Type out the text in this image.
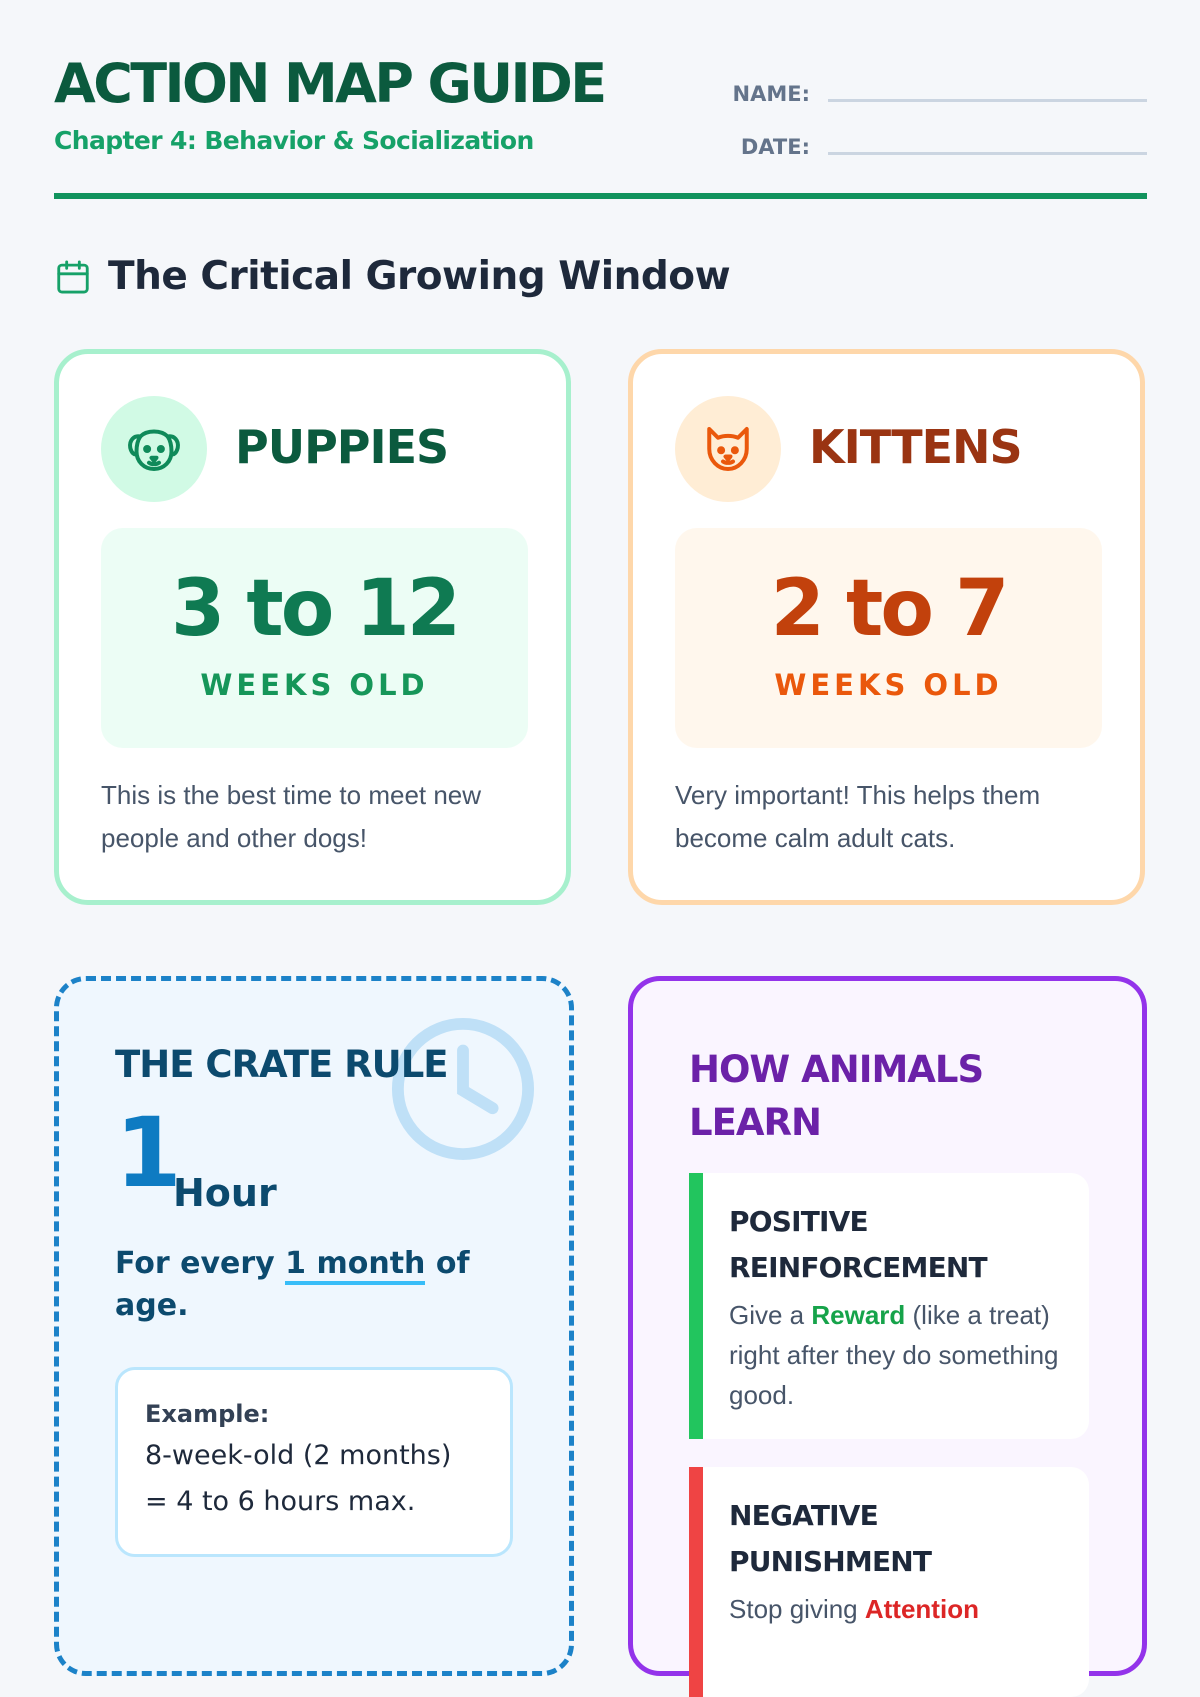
ACTION MAP GUIDE
Chapter 4: Behavior & Socialization
NAME:
DATE:
The Critical Growing Window
PUPPIES
3 to 12
WEEKS OLD
This is the best time to meet new people and other dogs!
KITTENS
2 to 7
WEEKS OLD
Very important! This helps them become calm adult cats.
THE CRATE RULE
1
Hour
For every 1 month of age.
Example:
8-week-old (2 months)
= 4 to 6 hours max.
HOW ANIMALS LEARN
POSITIVE REINFORCEMENT
Give a Reward (like a treat) right after they do something good.
NEGATIVE PUNISHMENT
Stop giving Attention
